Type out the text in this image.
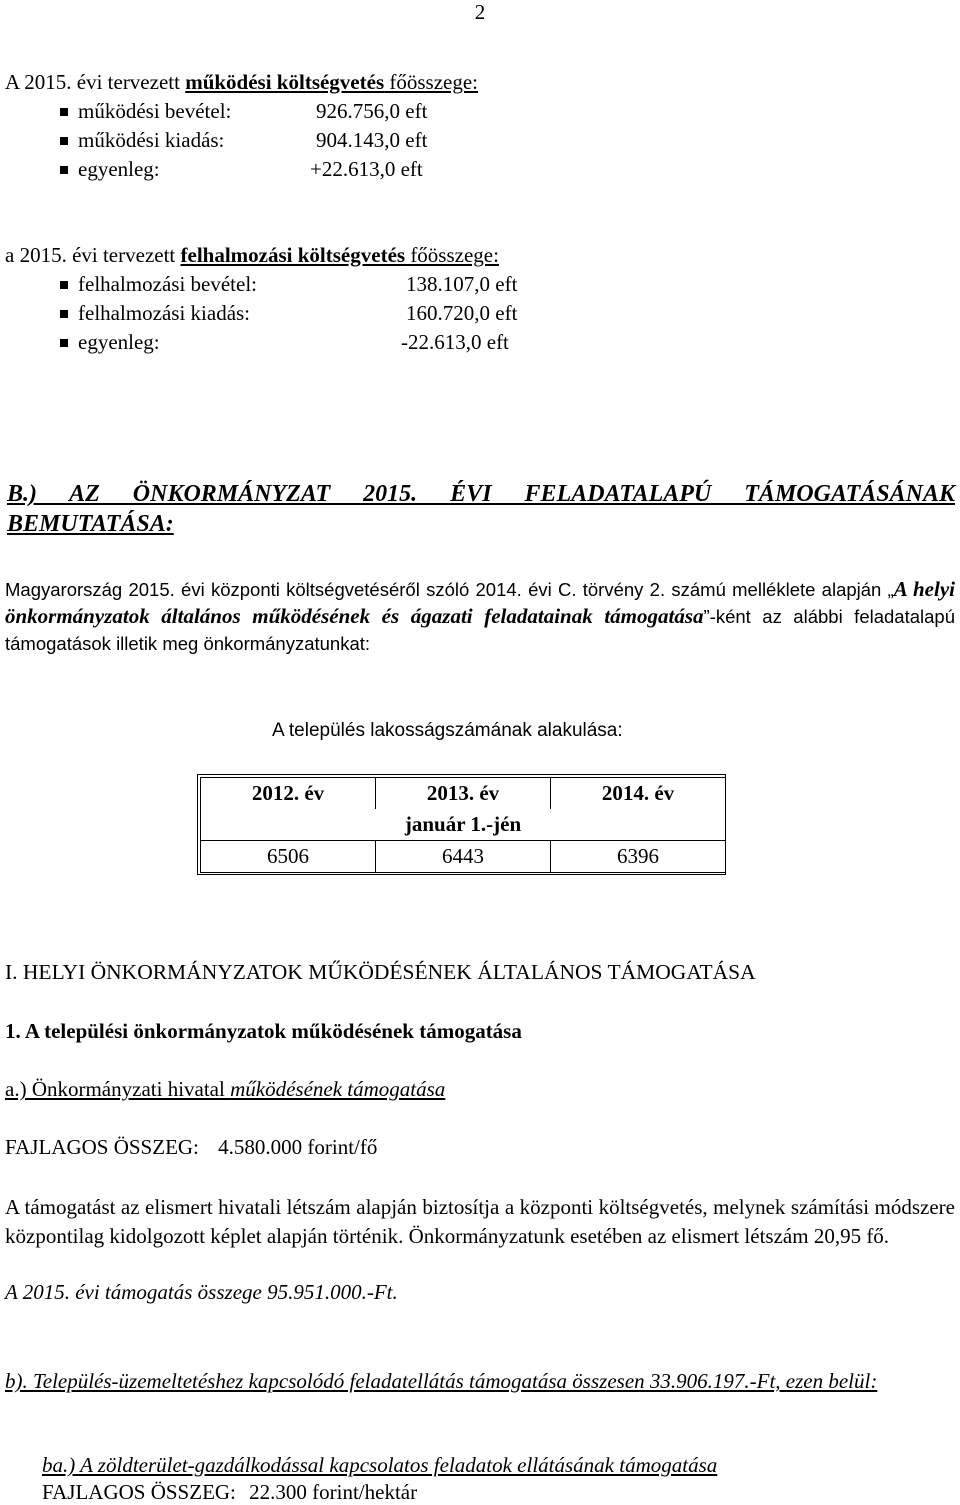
2
A 2015. évi tervezett működési költségvetés főösszege:
működési bevétel:	926.756,0 eft
működési kiadás:	904.143,0 eft
egyenleg:	+22.613,0 eft
a 2015. évi tervezett felhalmozási költségvetés főösszege:
felhalmozási bevétel:	138.107,0 eft
felhalmozási kiadás:	160.720,0 eft
egyenleg:	-22.613,0 eft
B.) AZ ÖNKORMÁNYZAT 2015. ÉVI FELADATALAPÚ TÁMOGATÁSÁNAK BEMUTATÁSA:
Magyarország 2015. évi központi költségvetéséről szóló 2014. évi C. törvény 2. számú melléklete alapján „A helyi önkormányzatok általános működésének és ágazati feladatainak támogatása”-ként az alábbi feladatalapú támogatások illetik meg önkormányzatunkat:
A település lakosságszámának alakulása:
2012. év	2013. év	2014. év
január 1.-jén		
6506	6443	6396
I. HELYI ÖNKORMÁNYZATOK MŰKÖDÉSÉNEK ÁLTALÁNOS TÁMOGATÁSA
1. A települési önkormányzatok működésének támogatása
a.) Önkormányzati hivatal működésének támogatása
FAJLAGOS ÖSSZEG: 4.580.000 forint/fő
A támogatást az elismert hivatali létszám alapján biztosítja a központi költségvetés, melynek számítási módszere központilag kidolgozott képlet alapján történik. Önkormányzatunk esetében az elismert létszám 20,95 fő.
A 2015. évi támogatás összege 95.951.000.-Ft.
b). Település-üzemeltetéshez kapcsolódó feladatellátás támogatása összesen 33.906.197.-Ft, ezen belül:
ba.) A zöldterület-gazdálkodással kapcsolatos feladatok ellátásának támogatása
FAJLAGOS ÖSSZEG: 22.300 forint/hektár
